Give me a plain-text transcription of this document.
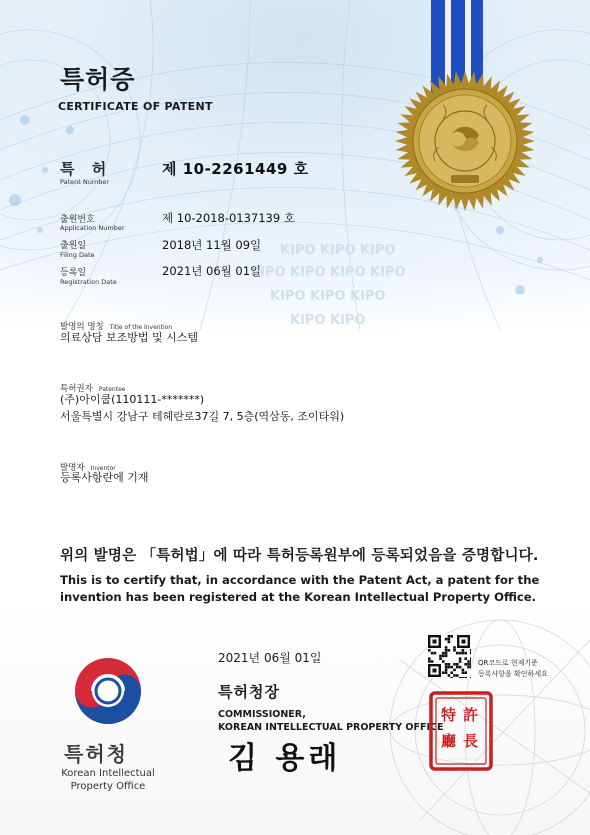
KIPO KIPO KIPO
KIPO KIPO KIPO KIPO
KIPO KIPO KIPO
KIPO KIPO
특허증
CERTIFICATE OF PATENT
특 허
Patent Number
제 10-2261449 호
출원번호
Application Number
제 10-2018-0137139 호
출원일
Filing Date
2018년 11월 09일
등록일
Registration Date
2021년 06월 01일
발명의 명칭 Title of the Invention
의료상담 보조방법 및 시스템
특허권자 Patentee
(주)아이쿱(110111-*******)
서울특별시 강남구 테헤란로37길 7, 5층(역삼동, 조이타워)
발명자 Inventor
등록사항란에 기재
위의 발명은 「특허법」에 따라 특허등록원부에 등록되었음을 증명합니다.
This is to certify that, in accordance with the Patent Act, a patent for the invention has been registered at the Korean Intellectual Property Office.
2021년 06월 01일
특허청장
COMMISSIONER,
KOREAN INTELLECTUAL PROPERTY OFFICE
김 용래
QR코드로 현재기준
등록사항을 확인하세요
特 許
廳 長
특허청
Korean Intellectual
Property Office
